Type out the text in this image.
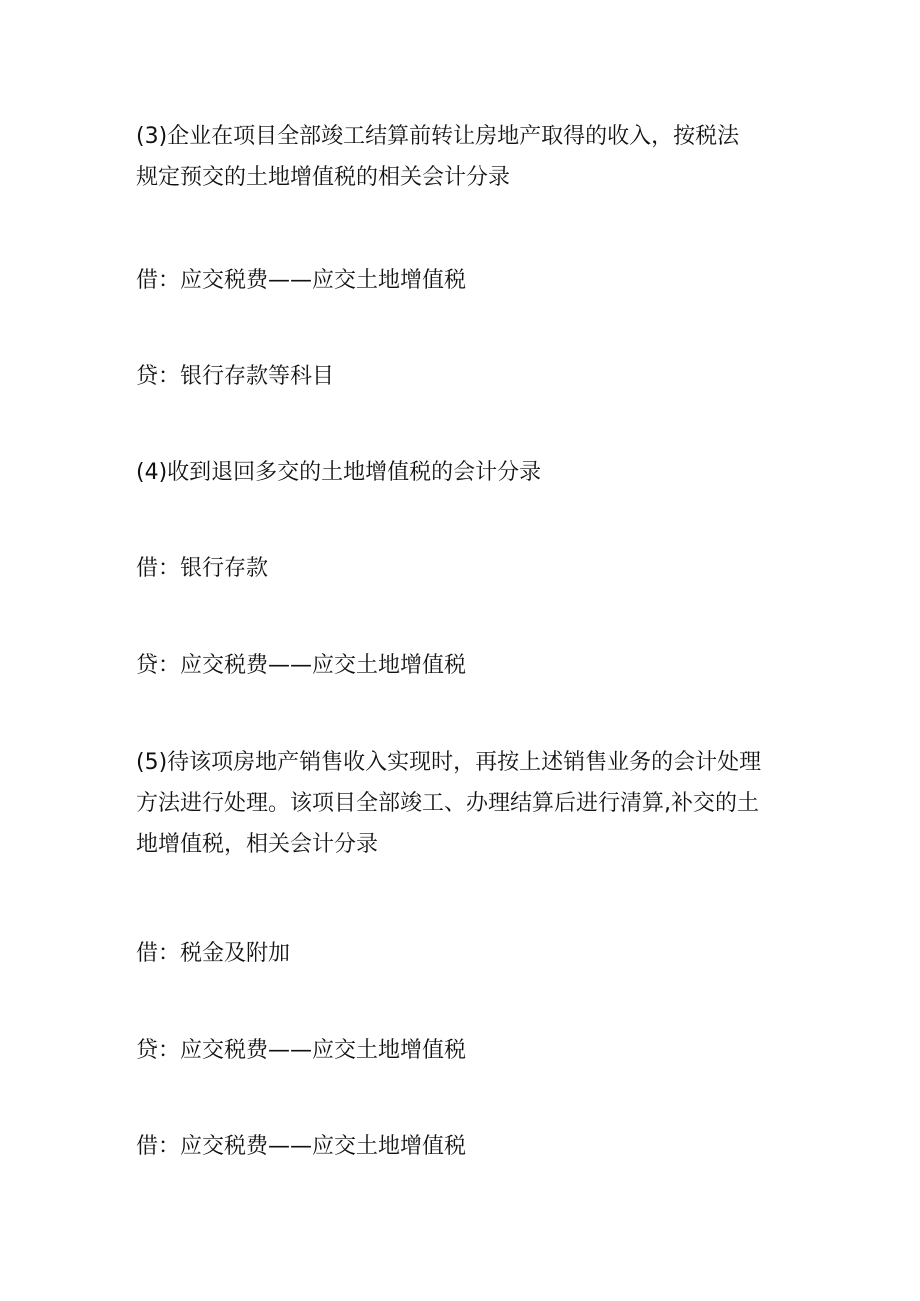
(3)企业在项目全部竣工结算前转让房地产取得的收入，按税法
规定预交的土地增值税的相关会计分录

借：应交税费——应交土地增值税

贷：银行存款等科目

(4)收到退回多交的土地增值税的会计分录

借：银行存款

贷：应交税费——应交土地增值税

(5)待该项房地产销售收入实现时，再按上述销售业务的会计处理
方法进行处理。该项目全部竣工、办理结算后进行清算,补交的土
地增值税，相关会计分录

借：税金及附加

贷：应交税费——应交土地增值税

借：应交税费——应交土地增值税
